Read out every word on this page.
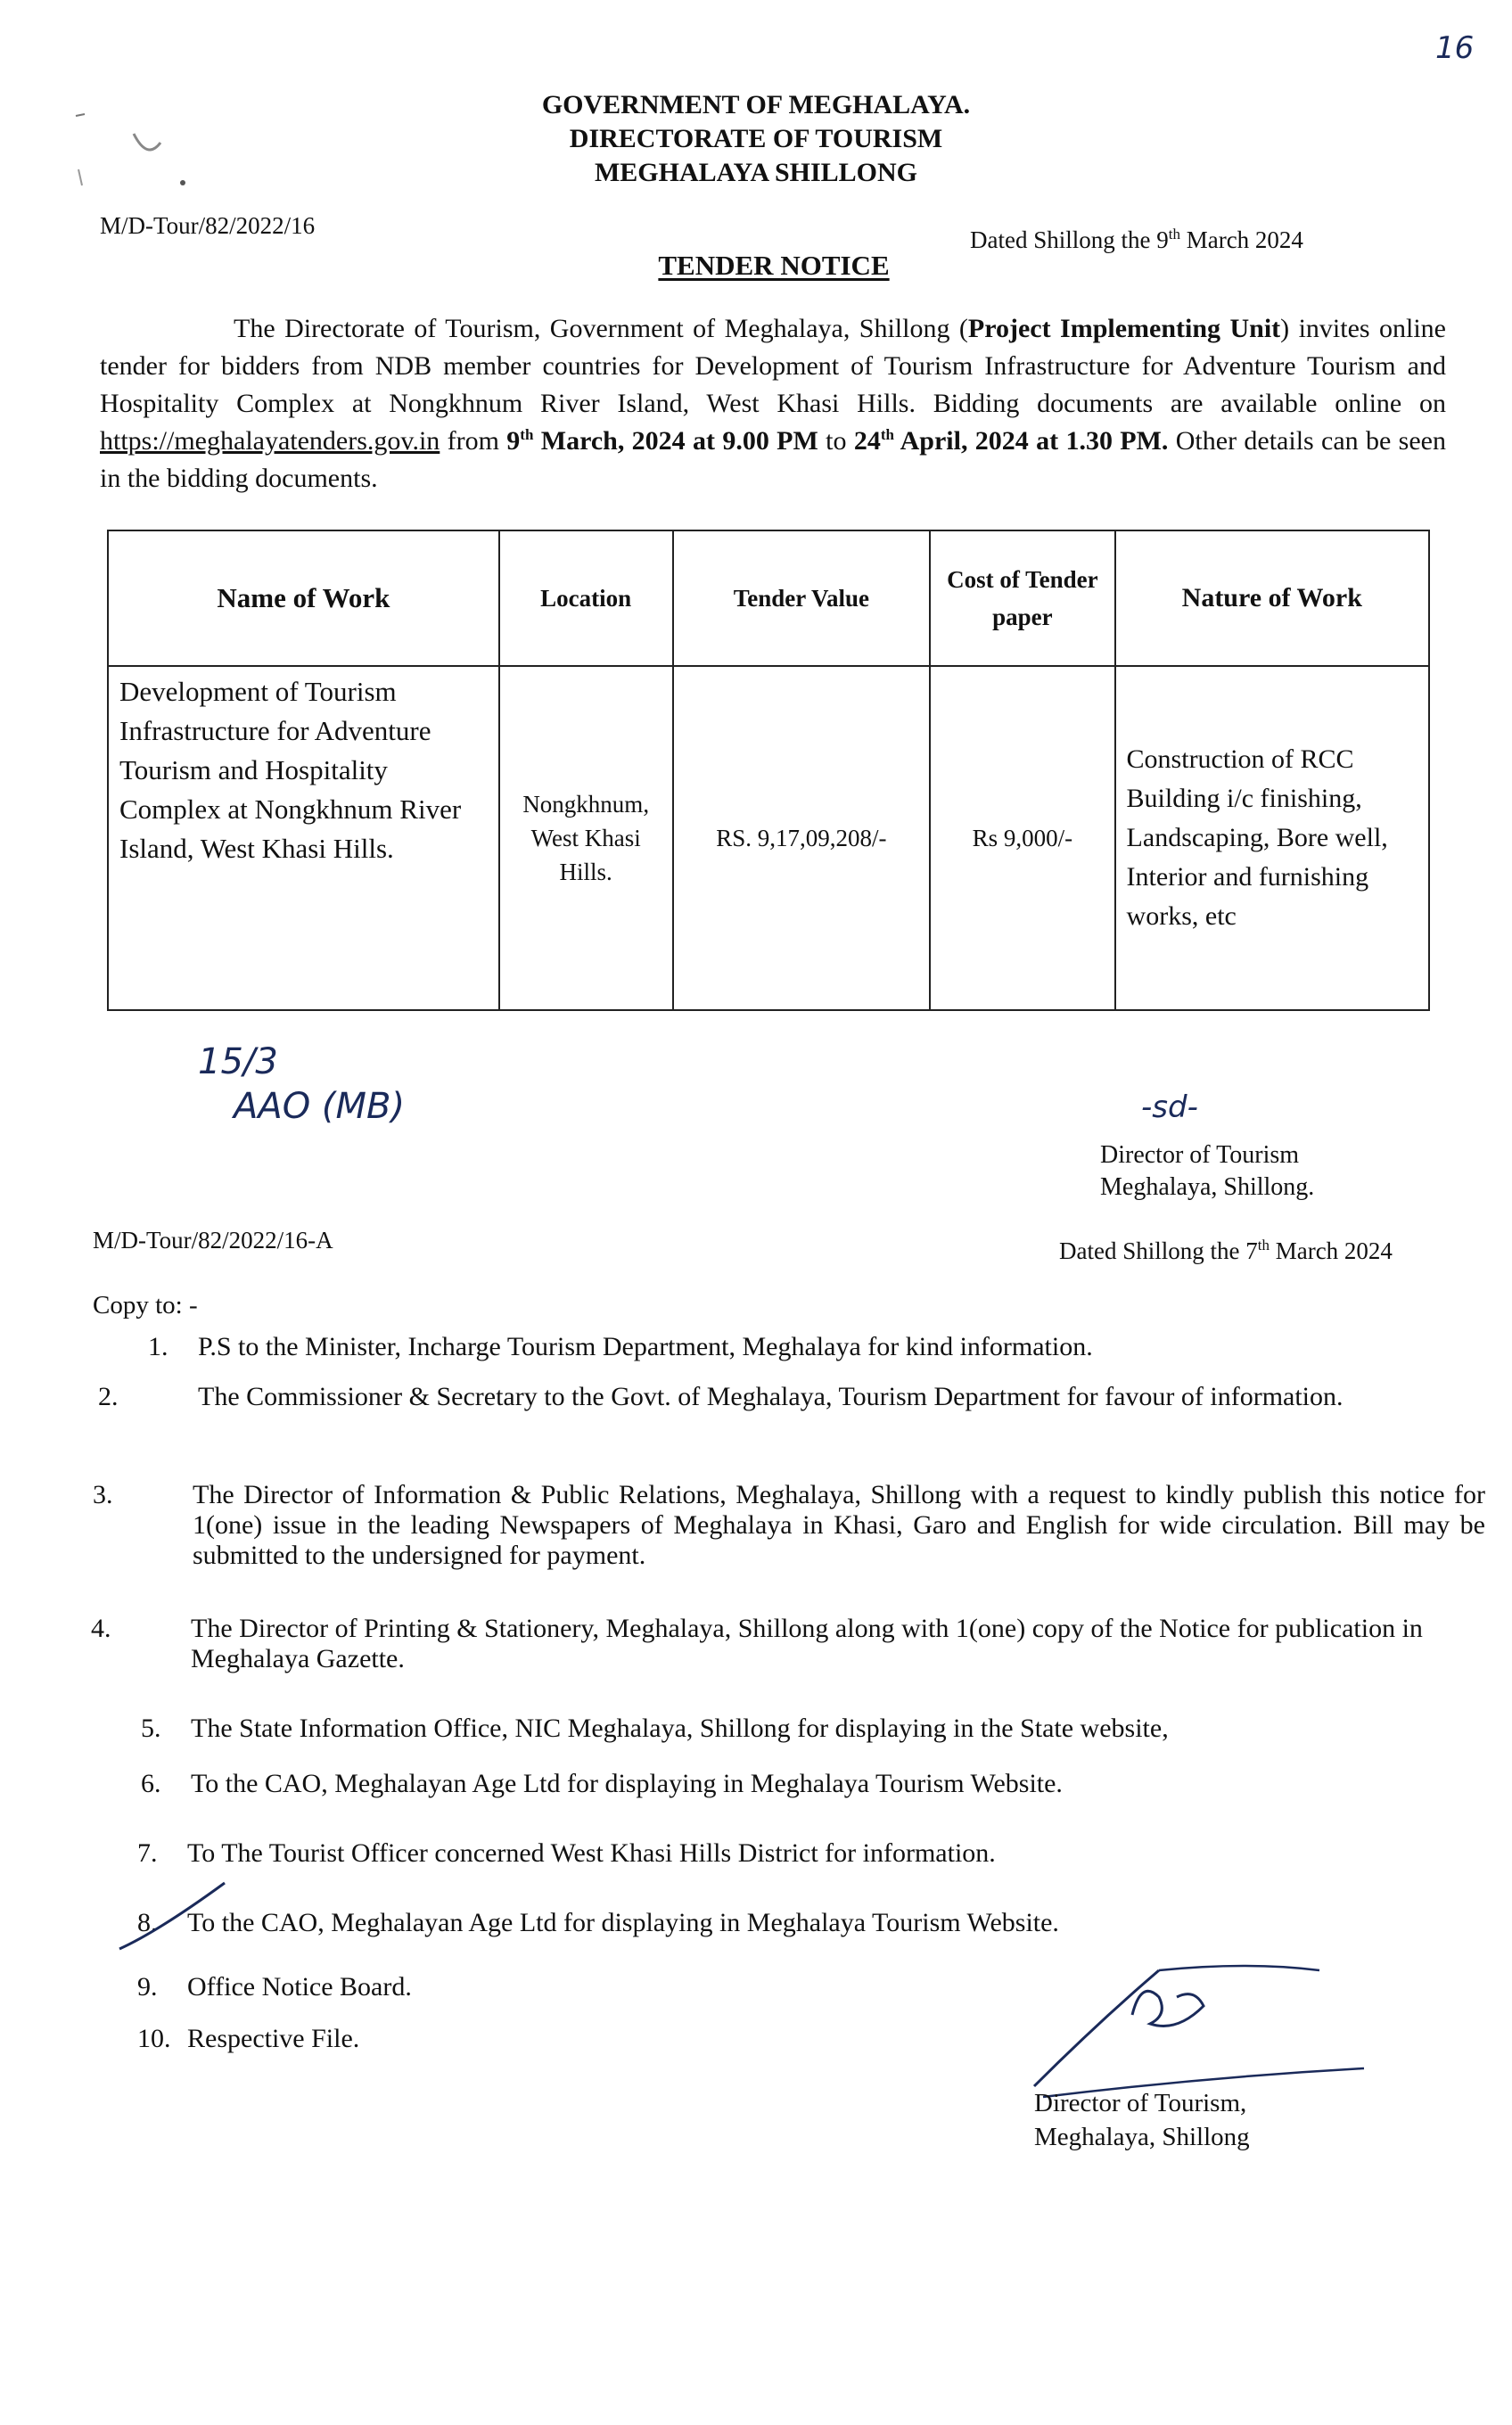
16
GOVERNMENT OF MEGHALAYA.
DIRECTORATE OF TOURISM
MEGHALAYA SHILLONG
M/D-Tour/82/2022/16
Dated Shillong the 9th March 2024
TENDER NOTICE
The Directorate of Tourism, Government of Meghalaya, Shillong (Project Implementing Unit) invites online tender for bidders from NDB member countries for Development of Tourism Infrastructure for Adventure Tourism and Hospitality Complex at Nongkhnum River Island, West Khasi Hills. Bidding documents are available online on https://meghalayatenders.gov.in from 9th March, 2024 at 9.00 PM to 24th April, 2024 at 1.30 PM. Other details can be seen in the bidding documents.
Name of Work	Location	Tender Value	Cost of Tender paper	Nature of Work
Development of Tourism Infrastructure for Adventure Tourism and Hospitality Complex at Nongkhnum River Island, West Khasi Hills.	Nongkhnum, West Khasi Hills.	RS. 9,17,09,208/-	Rs 9,000/-	Construction of RCC Building i/c finishing, Landscaping, Bore well, Interior and furnishing works, etc
15/3
AAO (MB)	-sd-
Director of Tourism
Meghalaya, Shillong.
M/D-Tour/82/2022/16-A	Dated Shillong the 7th March 2024
Copy to: -
1. P.S to the Minister, Incharge Tourism Department, Meghalaya for kind information.
2.	The Commissioner & Secretary to the Govt. of Meghalaya, Tourism Department for favour of information.
3.	The Director of Information & Public Relations, Meghalaya, Shillong with a request to kindly publish this notice for 1(one) issue in the leading Newspapers of Meghalaya in Khasi, Garo and English for wide circulation. Bill may be submitted to the undersigned for payment.
4.	The Director of Printing & Stationery, Meghalaya, Shillong along with 1(one) copy of the Notice for publication in Meghalaya Gazette.
5. The State Information Office, NIC Meghalaya, Shillong for displaying in the State website,
6. To the CAO, Meghalayan Age Ltd for displaying in Meghalaya Tourism Website.
7. To The Tourist Officer concerned West Khasi Hills District for information.
8. To the CAO, Meghalayan Age Ltd for displaying in Meghalaya Tourism Website.
9. Office Notice Board.
10. Respective File.
Director of Tourism,
Meghalaya, Shillong
